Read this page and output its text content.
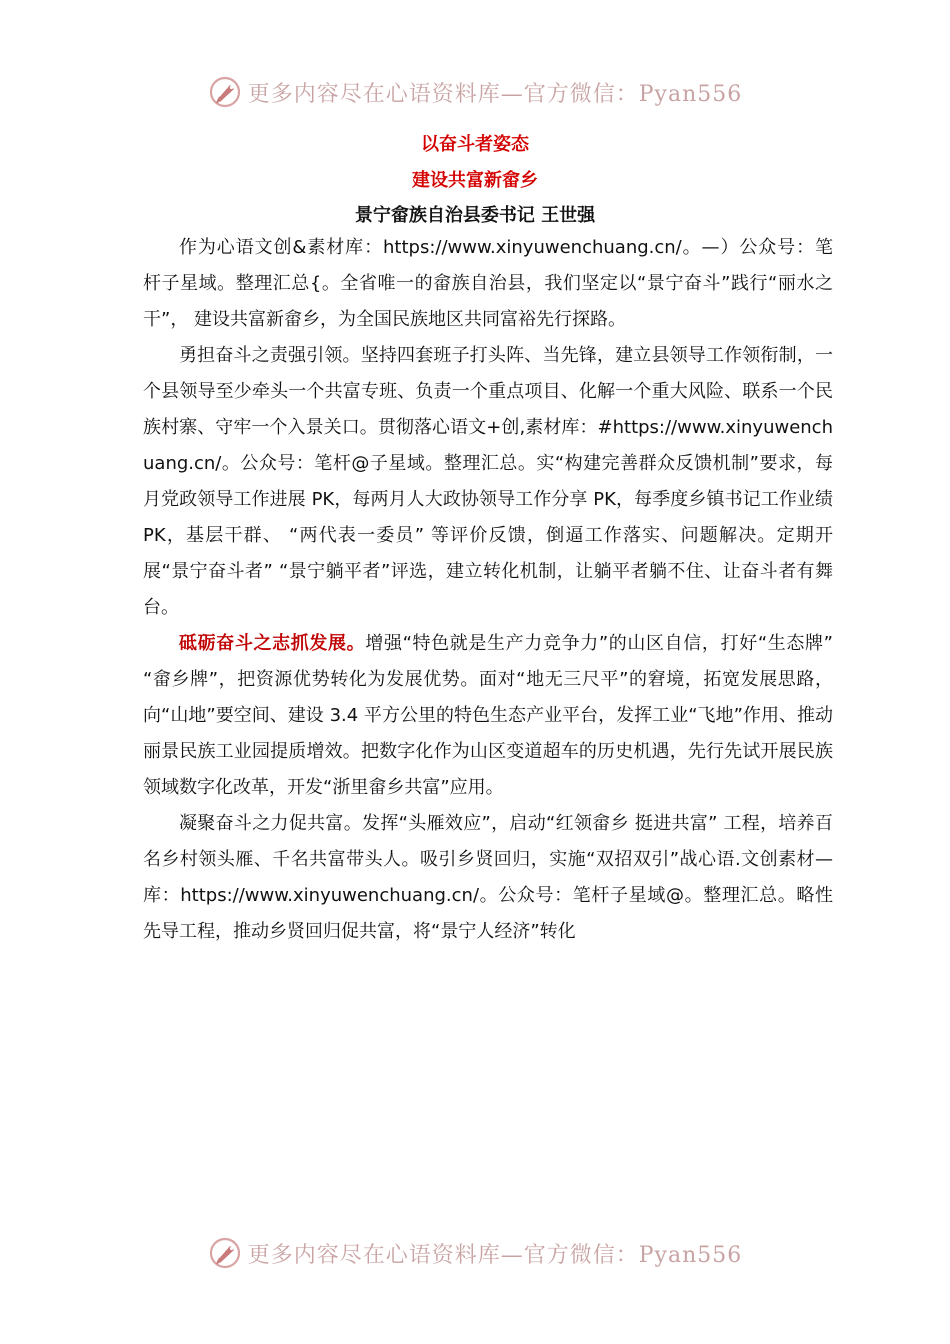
更多内容尽在心语资料库—官方微信：Pyan556
以奋斗者姿态
建设共富新畲乡
景宁畲族自治县委书记 王世强

作为心语文创&素材库：https://www.xinyuwenchuang.cn/。—）公众号：笔杆子星域。整理汇总{。全省唯一的畲族自治县，我们坚定以“景宁奋斗”践行“丽水之干”， 建设共富新畲乡，为全国民族地区共同富裕先行探路。

勇担奋斗之责强引领。坚持四套班子打头阵、当先锋，建立县领导工作领衔制，一个县领导至少牵头一个共富专班、负责一个重点项目、化解一个重大风险、联系一个民族村寨、守牢一个入景关口。贯彻落心语文+创,素材库：#https://www.xinyuwenchuang.cn/。公众号：笔杆@子星域。整理汇总。实“构建完善群众反馈机制”要求，每月党政领导工作进展 PK，每两月人大政协领导工作分享 PK，每季度乡镇书记工作业绩 PK，基层干群、 “两代表一委员” 等评价反馈，倒逼工作落实、问题解决。定期开展“景宁奋斗者” “景宁躺平者”评选，建立转化机制，让躺平者躺不住、让奋斗者有舞台。

砥砺奋斗之志抓发展。增强“特色就是生产力竞争力”的山区自信，打好“生态牌” “畲乡牌”，把资源优势转化为发展优势。面对“地无三尺平”的窘境，拓宽发展思路，向“山地”要空间、建设 3.4 平方公里的特色生态产业平台，发挥工业“飞地”作用、推动丽景民族工业园提质增效。把数字化作为山区变道超车的历史机遇，先行先试开展民族领域数字化改革，开发“浙里畲乡共富”应用。

凝聚奋斗之力促共富。发挥“头雁效应”，启动“红领畲乡 挺进共富” 工程，培养百名乡村领头雁、千名共富带头人。吸引乡贤回归，实施“双招双引”战心语.文创素材—库：https://www.xinyuwenchuang.cn/。公众号：笔杆子星域@。整理汇总。略性先导工程，推动乡贤回归促共富，将“景宁人经济”转化

更多内容尽在心语资料库—官方微信：Pyan556
